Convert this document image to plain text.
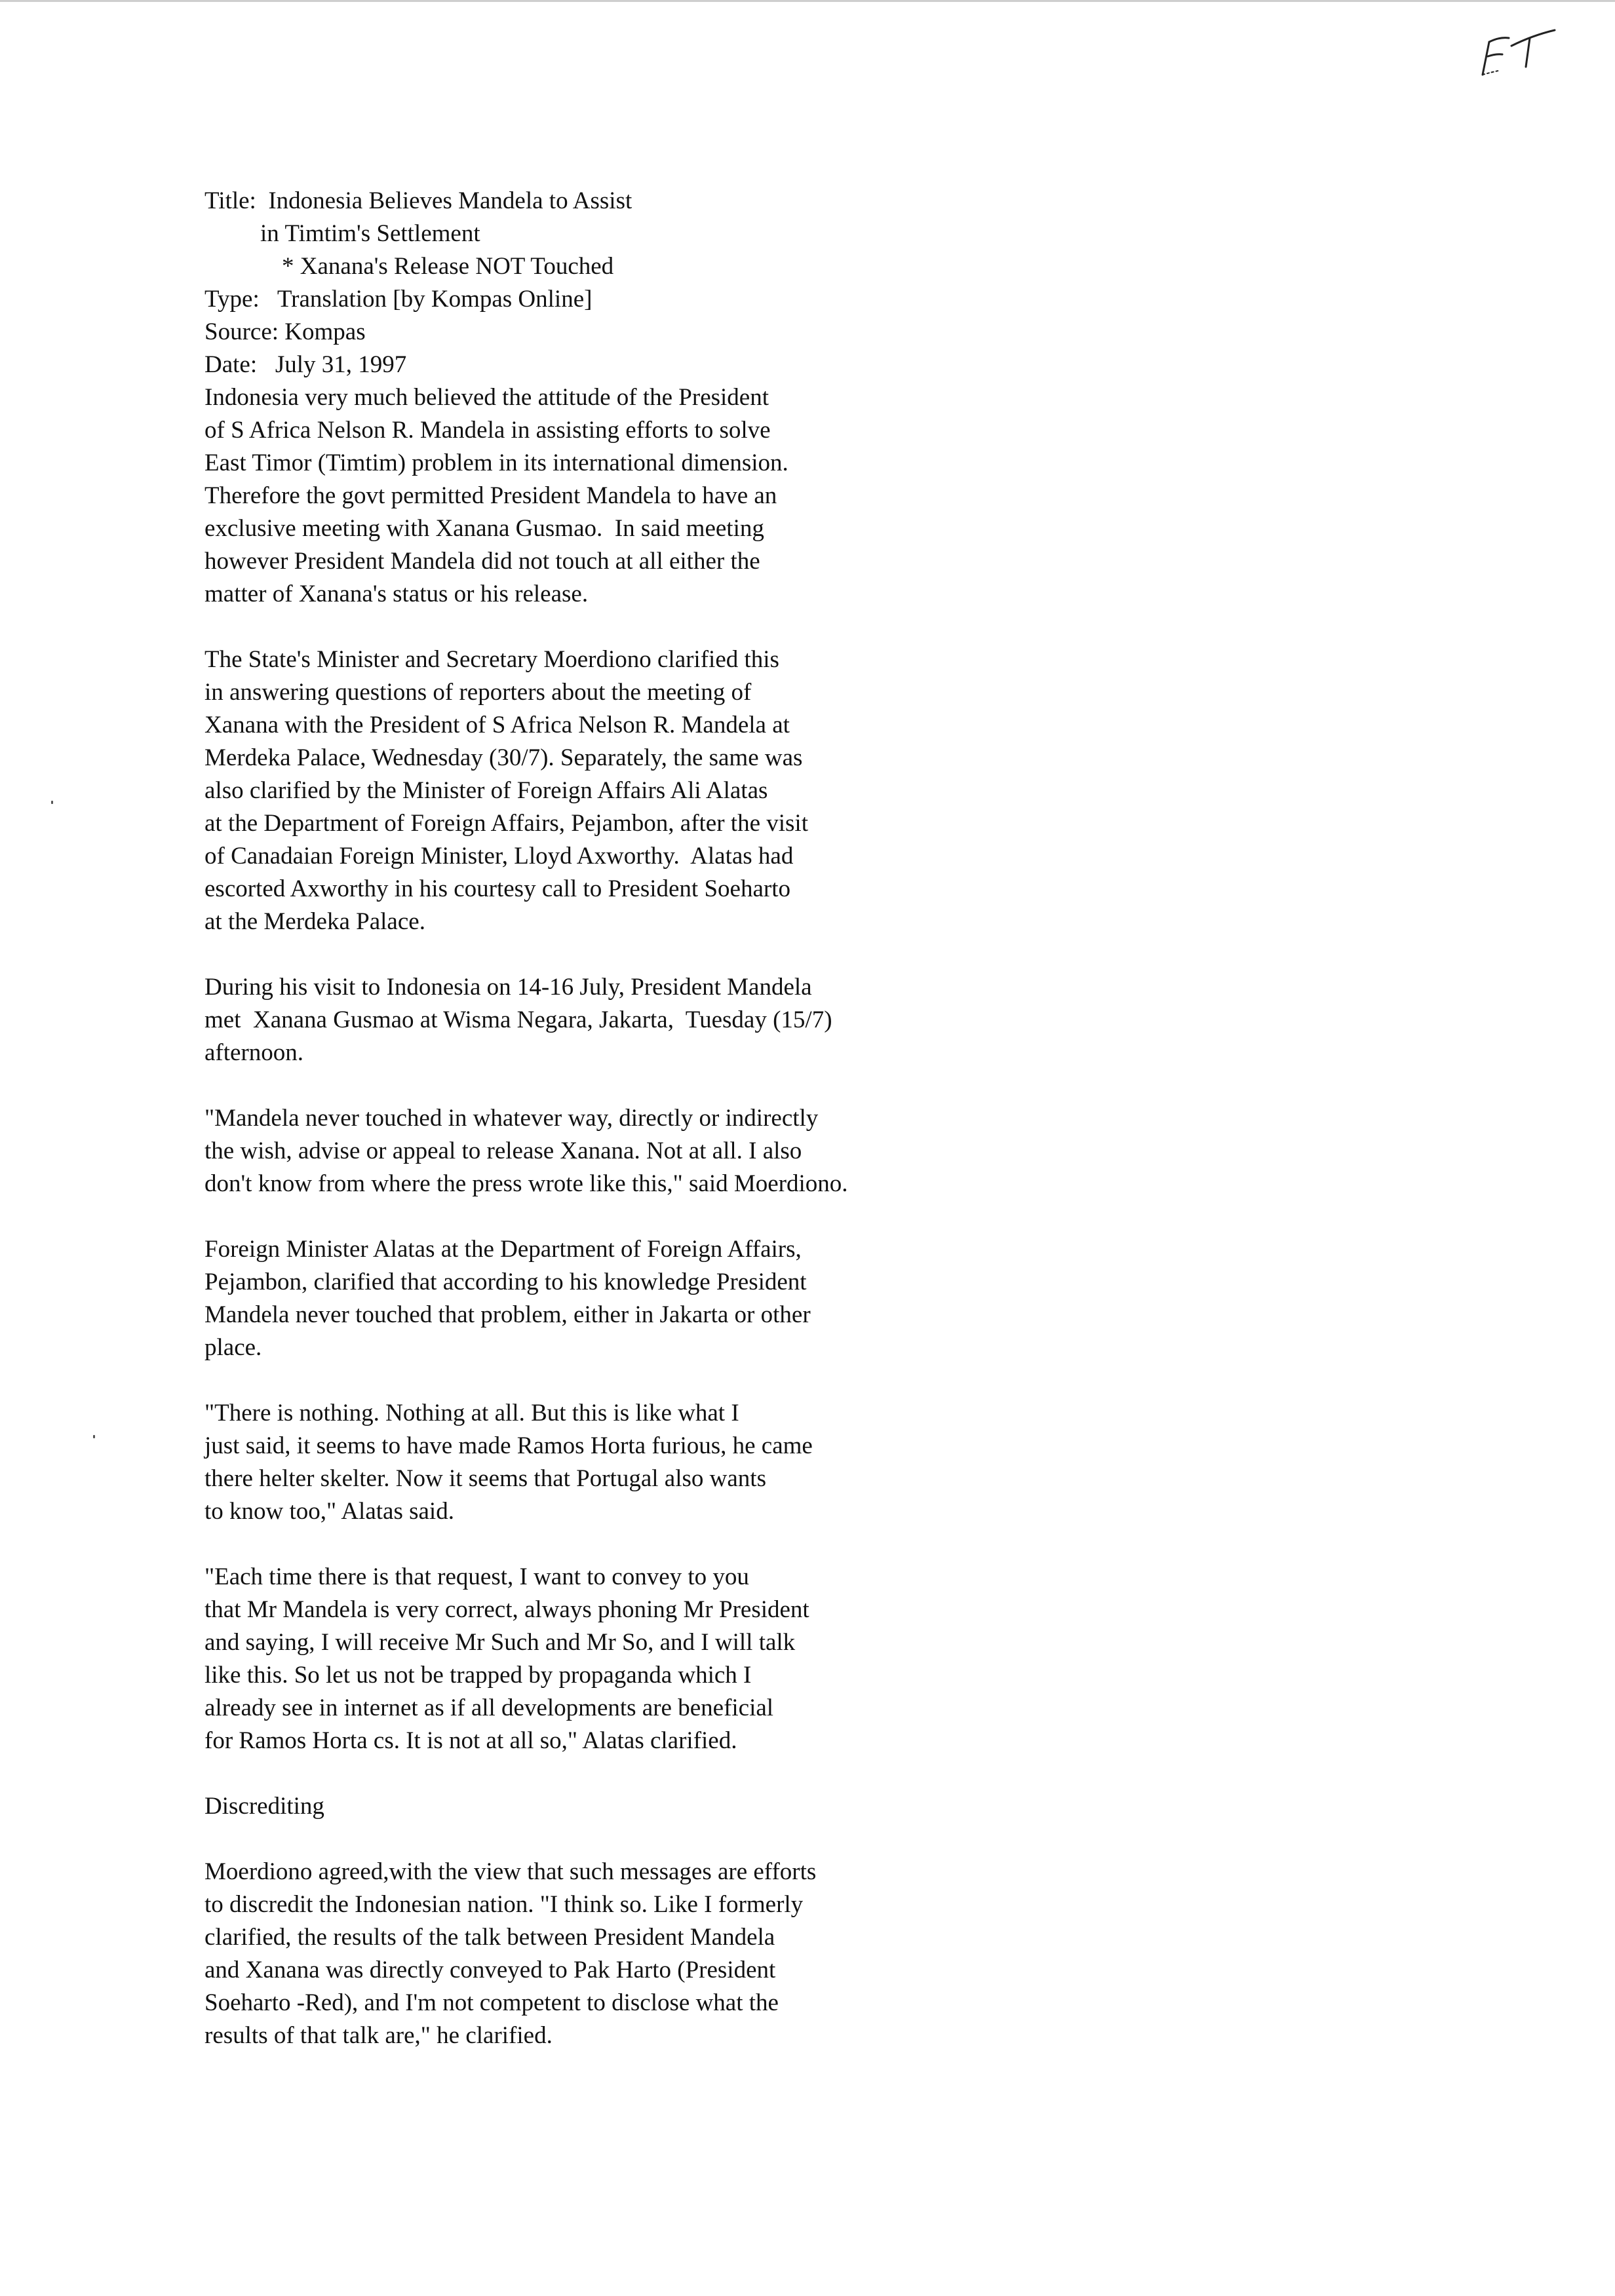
Title: Indonesia Believes Mandela to Assist
in Timtim's Settlement
* Xanana's Release NOT Touched
Type: Translation [by Kompas Online]
Source: Kompas
Date: July 31, 1997
Indonesia very much believed the attitude of the President
of S Africa Nelson R. Mandela in assisting efforts to solve
East Timor (Timtim) problem in its international dimension.
Therefore the govt permitted President Mandela to have an
exclusive meeting with Xanana Gusmao.  In said meeting
however President Mandela did not touch at all either the
matter of Xanana's status or his release.
The State's Minister and Secretary Moerdiono clarified this
in answering questions of reporters about the meeting of
Xanana with the President of S Africa Nelson R. Mandela at
Merdeka Palace, Wednesday (30/7). Separately, the same was
also clarified by the Minister of Foreign Affairs Ali Alatas
at the Department of Foreign Affairs, Pejambon, after the visit
of Canadaian Foreign Minister, Lloyd Axworthy.  Alatas had
escorted Axworthy in his courtesy call to President Soeharto
at the Merdeka Palace.
During his visit to Indonesia on 14-16 July, President Mandela
met  Xanana Gusmao at Wisma Negara, Jakarta,  Tuesday (15/7)
afternoon.
"Mandela never touched in whatever way, directly or indirectly
the wish, advise or appeal to release Xanana. Not at all. I also
don't know from where the press wrote like this," said Moerdiono.
Foreign Minister Alatas at the Department of Foreign Affairs,
Pejambon, clarified that according to his knowledge President
Mandela never touched that problem, either in Jakarta or other
place.
"There is nothing. Nothing at all. But this is like what I
just said, it seems to have made Ramos Horta furious, he came
there helter skelter. Now it seems that Portugal also wants
to know too," Alatas said.
"Each time there is that request, I want to convey to you
that Mr Mandela is very correct, always phoning Mr President
and saying, I will receive Mr Such and Mr So, and I will talk
like this. So let us not be trapped by propaganda which I
already see in internet as if all developments are beneficial
for Ramos Horta cs. It is not at all so," Alatas clarified.
Discrediting
Moerdiono agreed,with the view that such messages are efforts
to discredit the Indonesian nation. "I think so. Like I formerly
clarified, the results of the talk between President Mandela
and Xanana was directly conveyed to Pak Harto (President
Soeharto -Red), and I'm not competent to disclose what the
results of that talk are," he clarified.
